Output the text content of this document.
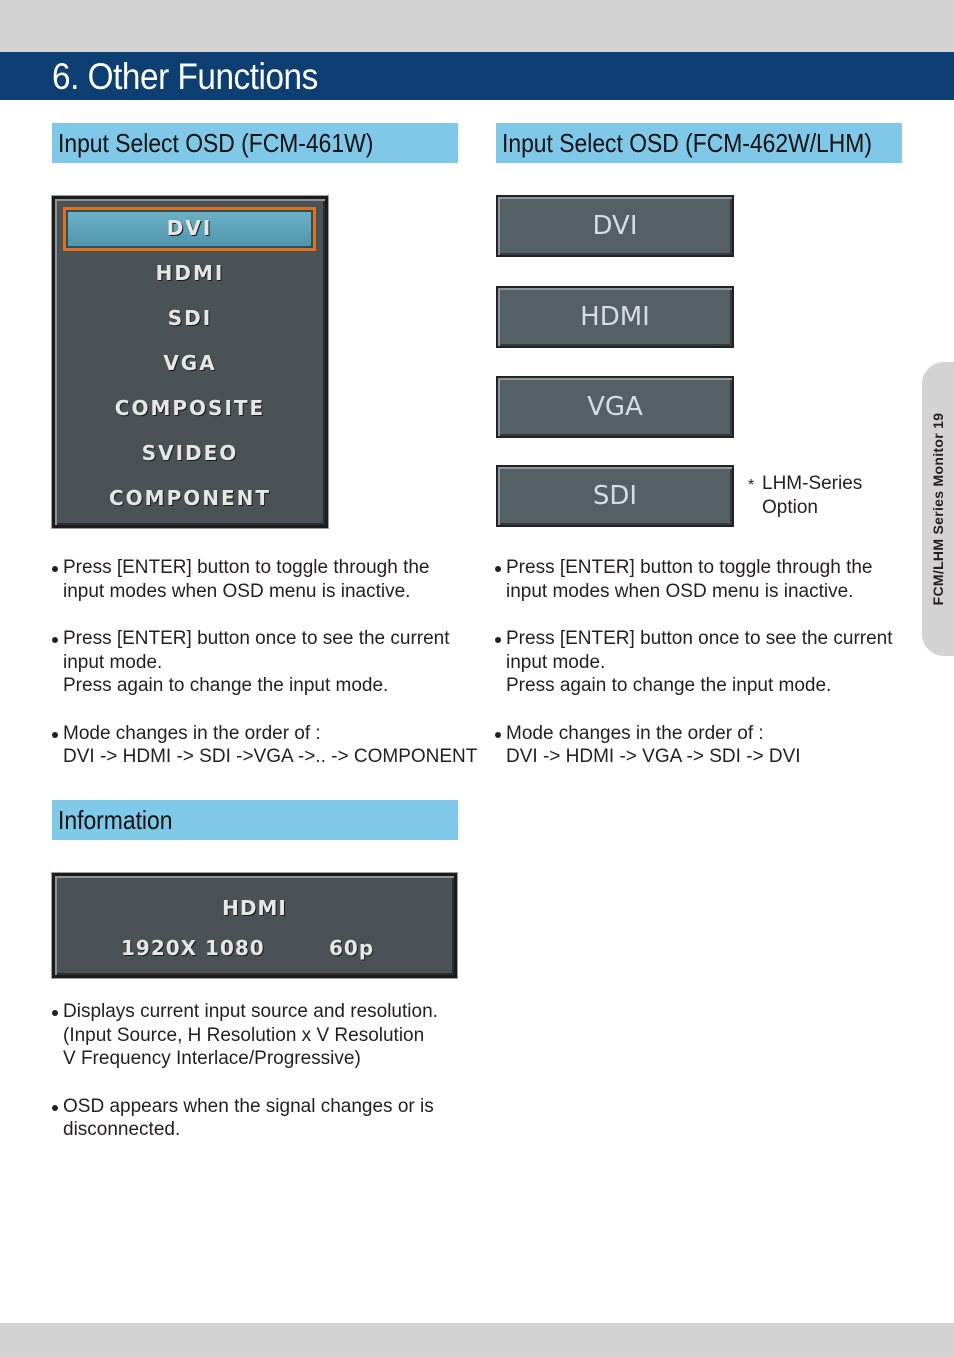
6. Other Functions
Input Select OSD (FCM-461W)
DVI
HDMI
SDI
VGA
COMPOSITE
SVIDEO
COMPONENT
Press [ENTER] button to toggle through the
input modes when OSD menu is inactive.
Press [ENTER] button once to see the current
input mode.
Press again to change the input mode.
Mode changes in the order of :
DVI -> HDMI -> SDI ->VGA ->.. -> COMPONENT
Input Select OSD (FCM-462W/LHM)
DVI
HDMI
VGA
SDI	* LHM-Series
Option
Press [ENTER] button to toggle through the
input modes when OSD menu is inactive.
Press [ENTER] button once to see the current
input mode.
Press again to change the input mode.
Mode changes in the order of :
DVI -> HDMI -> VGA -> SDI -> DVI
Information
HDMI
1920X 1080	60p
Displays current input source and resolution.
(Input Source, H Resolution x V Resolution
V Frequency Interlace/Progressive)
OSD appears when the signal changes or is
disconnected.
FCM/LHM Series Monitor 19
